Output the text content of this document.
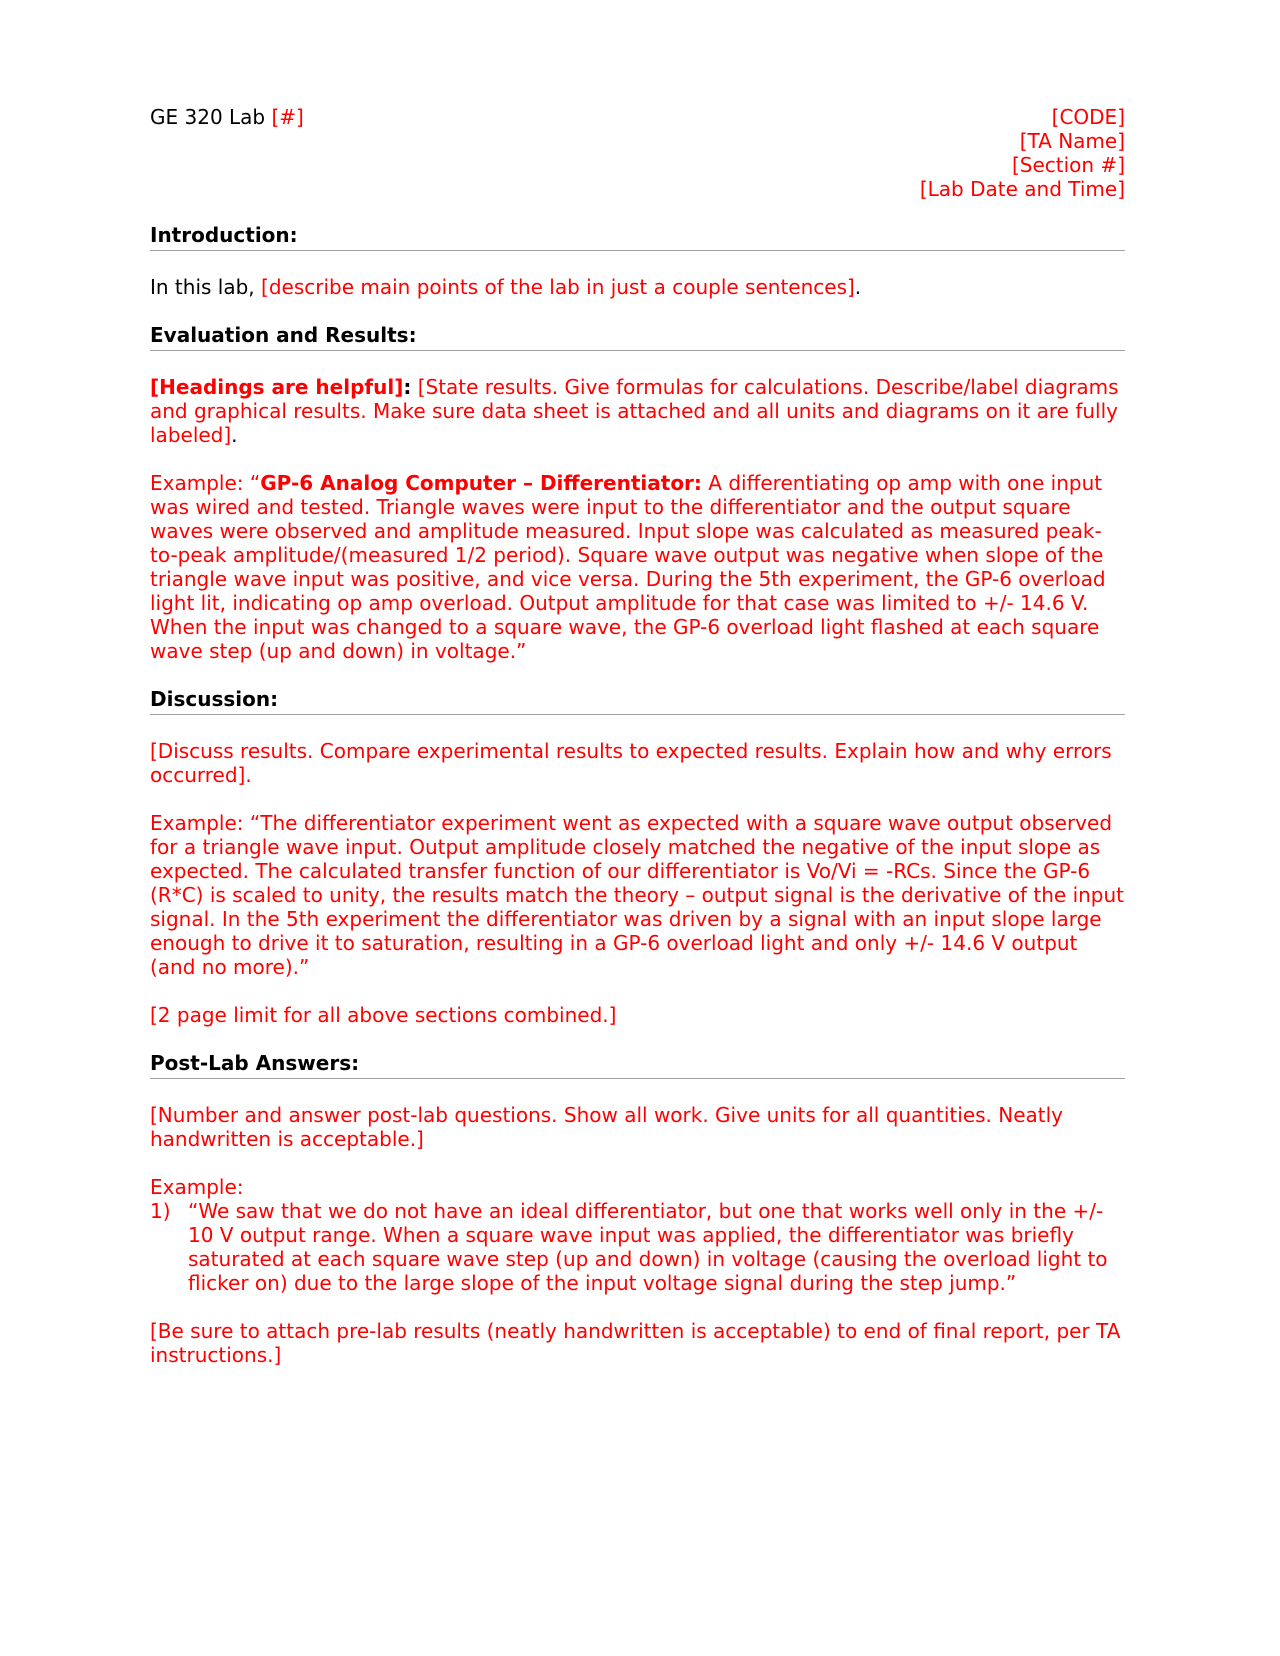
GE 320 Lab [#]	[CODE]
[TA Name]
[Section #]
[Lab Date and Time]
Introduction:

In this lab, [describe main points of the lab in just a couple sentences].

Evaluation and Results:

[Headings are helpful]: [State results. Give formulas for calculations. Describe/label diagrams and graphical results. Make sure data sheet is attached and all units and diagrams on it are fully labeled].

Example: “GP-6 Analog Computer – Differentiator: A differentiating op amp with one input was wired and tested. Triangle waves were input to the differentiator and the output square waves were observed and amplitude measured. Input slope was calculated as measured peak-to-peak amplitude/(measured 1/2 period). Square wave output was negative when slope of the triangle wave input was positive, and vice versa. During the 5th experiment, the GP-6 overload light lit, indicating op amp overload. Output amplitude for that case was limited to +/- 14.6 V. When the input was changed to a square wave, the GP-6 overload light flashed at each square wave step (up and down) in voltage.”

Discussion:

[Discuss results. Compare experimental results to expected results. Explain how and why errors occurred].

Example: “The differentiator experiment went as expected with a square wave output observed for a triangle wave input. Output amplitude closely matched the negative of the input slope as expected. The calculated transfer function of our differentiator is Vo/Vi = -RCs. Since the GP-6 (R*C) is scaled to unity, the results match the theory – output signal is the derivative of the input signal. In the 5th experiment the differentiator was driven by a signal with an input slope large enough to drive it to saturation, resulting in a GP-6 overload light and only +/- 14.6 V output (and no more).”

[2 page limit for all above sections combined.]

Post-Lab Answers:

[Number and answer post-lab questions. Show all work. Give units for all quantities. Neatly handwritten is acceptable.]

Example:
1) “We saw that we do not have an ideal differentiator, but one that works well only in the +/- 10 V output range. When a square wave input was applied, the differentiator was briefly saturated at each square wave step (up and down) in voltage (causing the overload light to flicker on) due to the large slope of the input voltage signal during the step jump.”

[Be sure to attach pre-lab results (neatly handwritten is acceptable) to end of final report, per TA instructions.]
